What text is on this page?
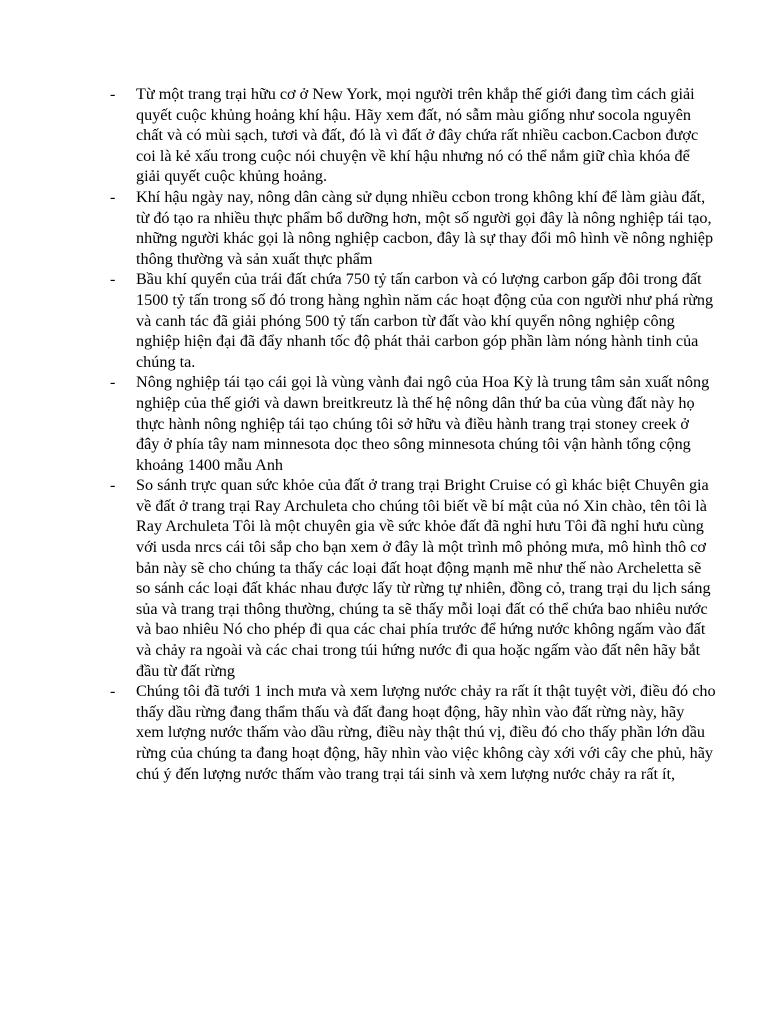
- Từ một trang trại hữu cơ ở New York, mọi người trên khắp thế giới đang tìm cách giải quyết cuộc khủng hoảng khí hậu. Hãy xem đất, nó sẫm màu giống như socola nguyên chất và có mùi sạch, tươi và đất, đó là vì đất ở đây chứa rất nhiều cacbon.Cacbon được coi là kẻ xấu trong cuộc nói chuyện về khí hậu nhưng nó có thể nắm giữ chìa khóa để giải quyết cuộc khủng hoảng.
- Khí hậu ngày nay, nông dân càng sử dụng nhiều ccbon trong không khí để làm giàu đất, từ đó tạo ra nhiều thực phẩm bổ dưỡng hơn, một số người gọi đây là nông nghiệp tái tạo, những người khác gọi là nông nghiệp cacbon, đây là sự thay đổi mô hình về nông nghiệp thông thường và sản xuất thực phẩm
- Bầu khí quyển của trái đất chứa 750 tỷ tấn carbon và có lượng carbon gấp đôi trong đất 1500 tỷ tấn trong số đó trong hàng nghìn năm các hoạt động của con người như phá rừng và canh tác đã giải phóng 500 tỷ tấn carbon từ đất vào khí quyển nông nghiệp công nghiệp hiện đại đã đẩy nhanh tốc độ phát thải carbon góp phần làm nóng hành tinh của chúng ta.
- Nông nghiệp tái tạo cái gọi là vùng vành đai ngô của Hoa Kỳ là trung tâm sản xuất nông nghiệp của thế giới và dawn breitkreutz là thế hệ nông dân thứ ba của vùng đất này họ thực hành nông nghiệp tái tạo chúng tôi sở hữu và điều hành trang trại stoney creek ở đây ở phía tây nam minnesota dọc theo sông minnesota chúng tôi vận hành tổng cộng khoảng 1400 mẫu Anh
- So sánh trực quan sức khỏe của đất ở trang trại Bright Cruise có gì khác biệt Chuyên gia về đất ở trang trại Ray Archuleta cho chúng tôi biết về bí mật của nó Xin chào, tên tôi là Ray Archuleta Tôi là một chuyên gia về sức khỏe đất đã nghỉ hưu Tôi đã nghỉ hưu cùng với usda nrcs cái tôi sắp cho bạn xem ở đây là một trình mô phỏng mưa, mô hình thô cơ bản này sẽ cho chúng ta thấy các loại đất hoạt động mạnh mẽ như thế nào Archeletta sẽ so sánh các loại đất khác nhau được lấy từ rừng tự nhiên, đồng cỏ, trang trại du lịch sáng sủa và trang trại thông thường, chúng ta sẽ thấy mỗi loại đất có thể chứa bao nhiêu nước và bao nhiêu Nó cho phép đi qua các chai phía trước để hứng nước không ngấm vào đất và chảy ra ngoài và các chai trong túi hứng nước đi qua hoặc ngấm vào đất nên hãy bắt đầu từ đất rừng
- Chúng tôi đã tưới 1 inch mưa và xem lượng nước chảy ra rất ít thật tuyệt vời, điều đó cho thấy dầu rừng đang thẩm thấu và đất đang hoạt động, hãy nhìn vào đất rừng này, hãy xem lượng nước thấm vào dầu rừng, điều này thật thú vị, điều đó cho thấy phần lớn dầu rừng của chúng ta đang hoạt động, hãy nhìn vào việc không cày xới với cây che phủ, hãy chú ý đến lượng nước thấm vào trang trại tái sinh và xem lượng nước chảy ra rất ít,
